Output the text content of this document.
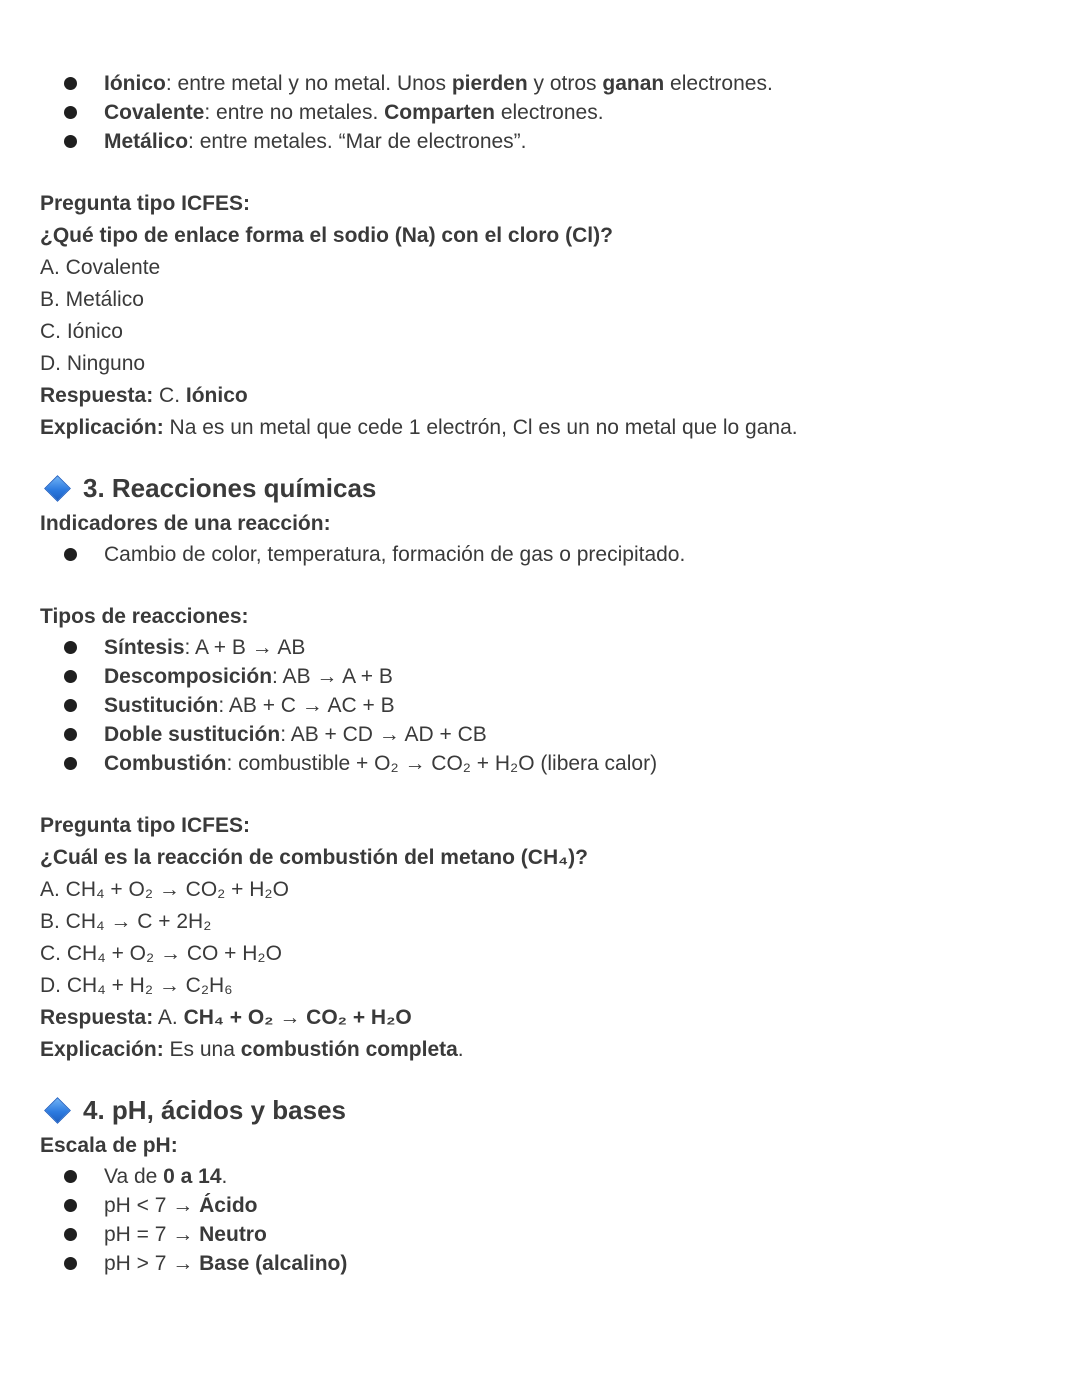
Iónico: entre metal y no metal. Unos pierden y otros ganan electrones.
Covalente: entre no metales. Comparten electrones.
Metálico: entre metales. “Mar de electrones”.
Pregunta tipo ICFES:
¿Qué tipo de enlace forma el sodio (Na) con el cloro (Cl)?
A. Covalente
B. Metálico
C. Iónico
D. Ninguno
Respuesta: C. Iónico
Explicación: Na es un metal que cede 1 electrón, Cl es un no metal que lo gana.
3. Reacciones químicas
Indicadores de una reacción:
Cambio de color, temperatura, formación de gas o precipitado.
Tipos de reacciones:
Síntesis: A + B → AB
Descomposición: AB → A + B
Sustitución: AB + C → AC + B
Doble sustitución: AB + CD → AD + CB
Combustión: combustible + O₂ → CO₂ + H₂O (libera calor)
Pregunta tipo ICFES:
¿Cuál es la reacción de combustión del metano (CH₄)?
A. CH₄ + O₂ → CO₂ + H₂O
B. CH₄ → C + 2H₂
C. CH₄ + O₂ → CO + H₂O
D. CH₄ + H₂ → C₂H₆
Respuesta: A. CH₄ + O₂ → CO₂ + H₂O
Explicación: Es una combustión completa.
4. pH, ácidos y bases
Escala de pH:
Va de 0 a 14.
pH < 7 → Ácido
pH = 7 → Neutro
pH > 7 → Base (alcalino)
